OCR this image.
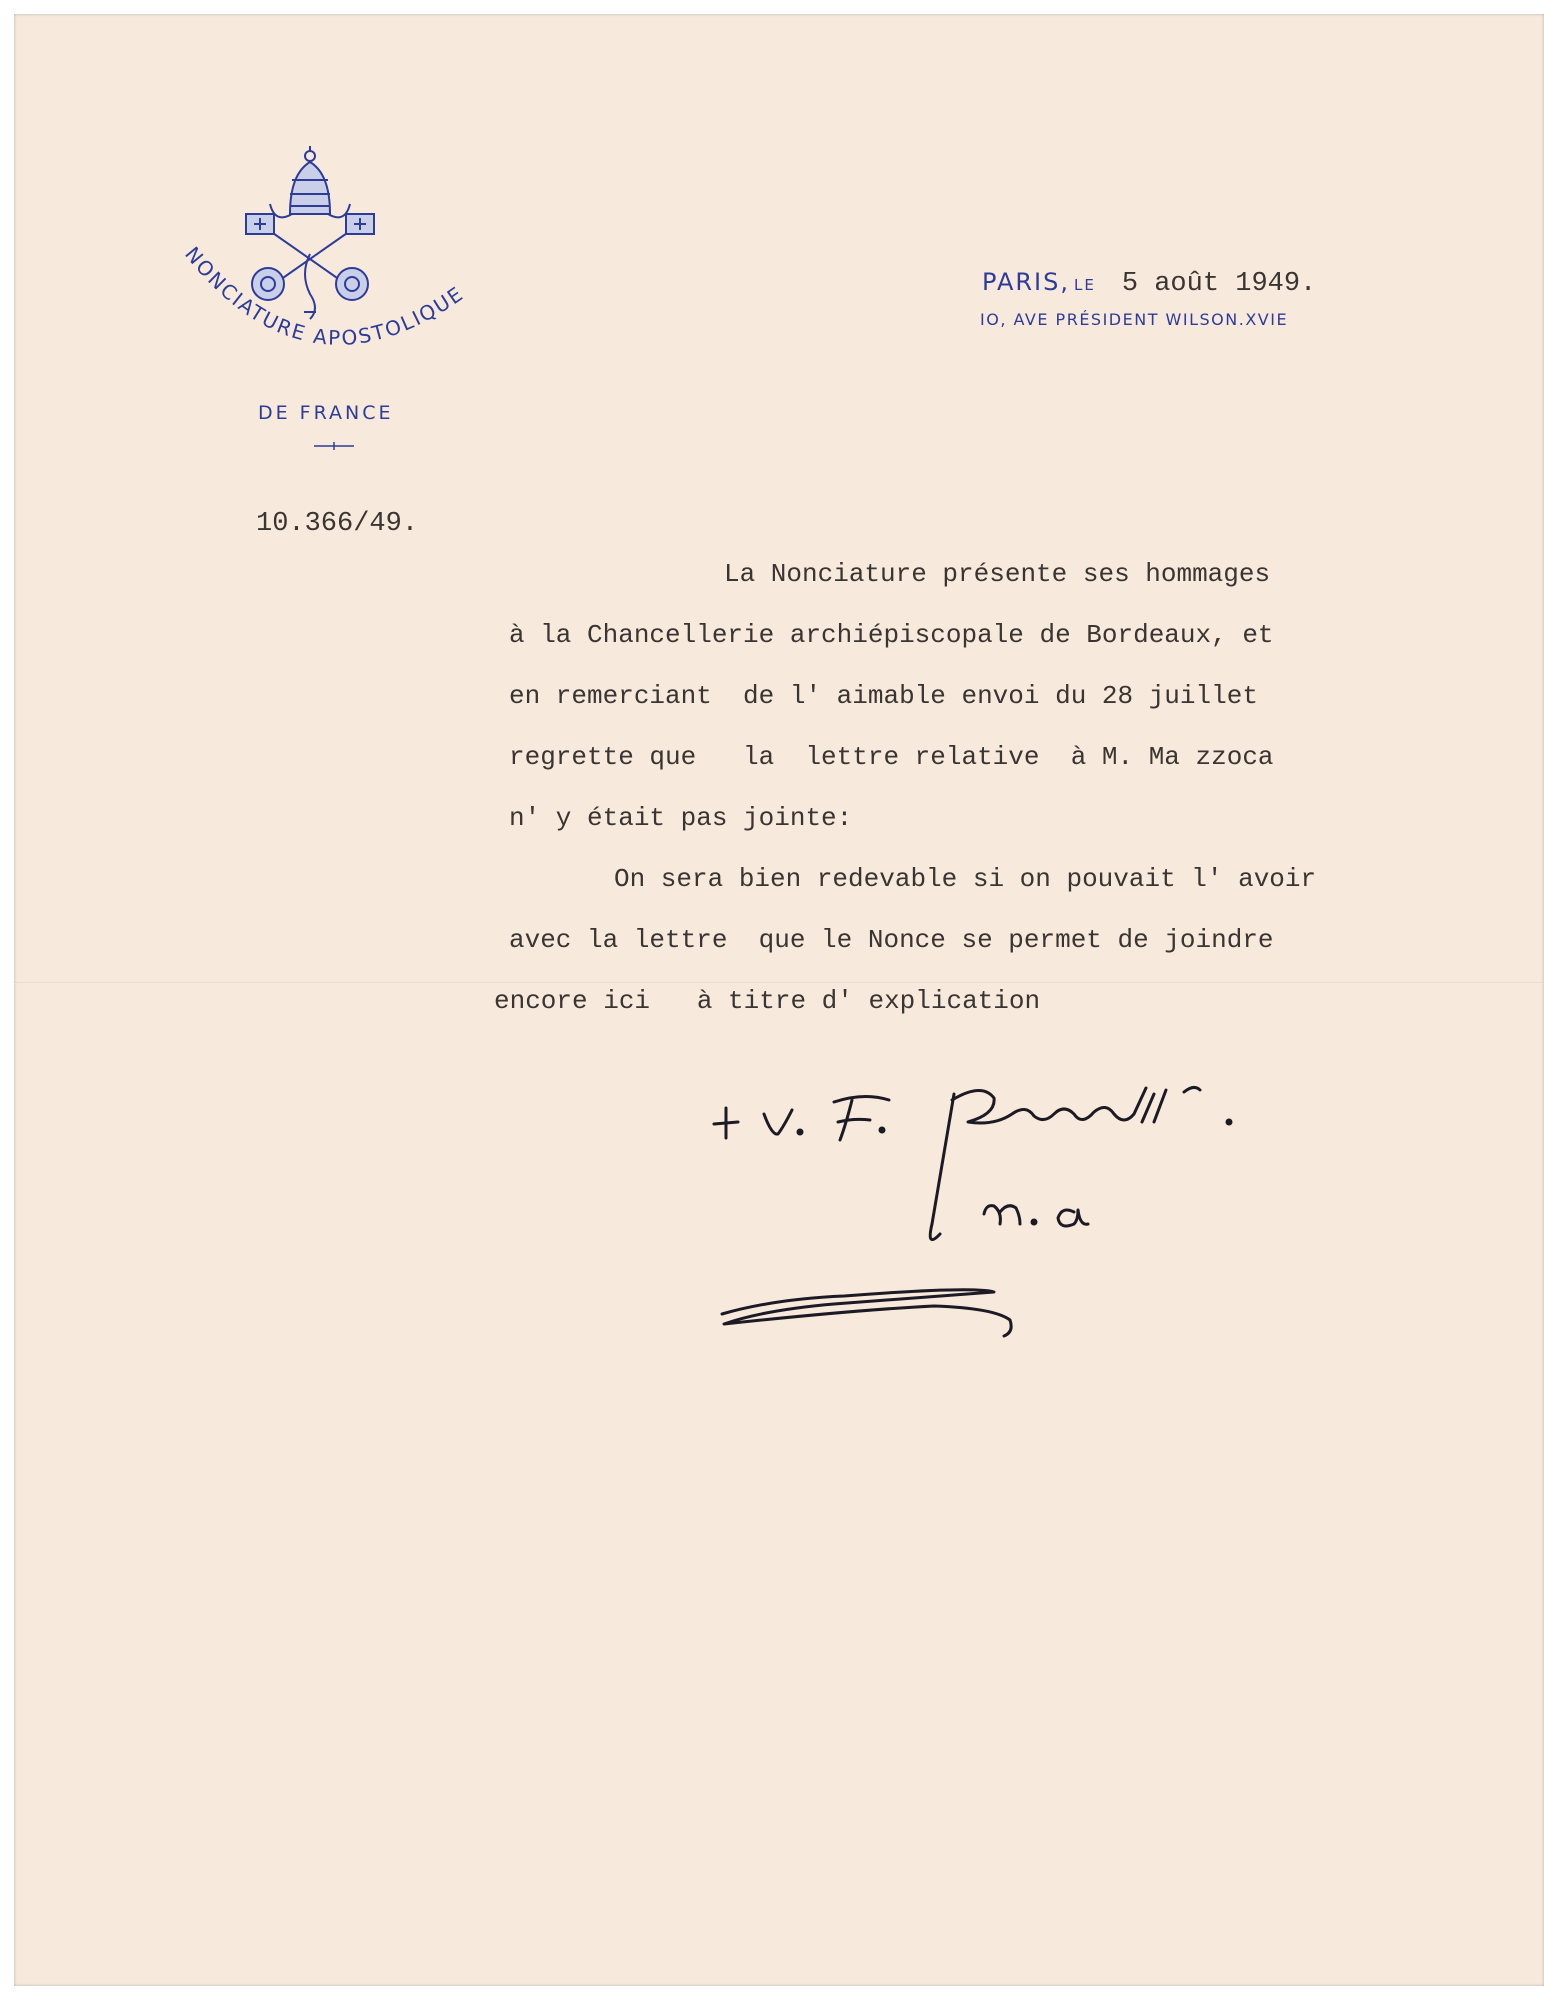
NONCIATURE APOSTOLIQUE
DE FRANCE
PARIS, LE 5 août 1949.
IO, AVE PRÉSIDENT WILSON.XVIE
10.366/49.
La Nonciature présente ses hommages
à la Chancellerie archiépiscopale de Bordeaux, et
en remerciant  de l' aimable envoi du 28 juillet
regrette que   la  lettre relative  à M. Ma zzoca
n' y était pas jointe:
On sera bien redevable si on pouvait l' avoir
avec la lettre  que le Nonce se permet de joindre
encore ici   à titre d' explication
